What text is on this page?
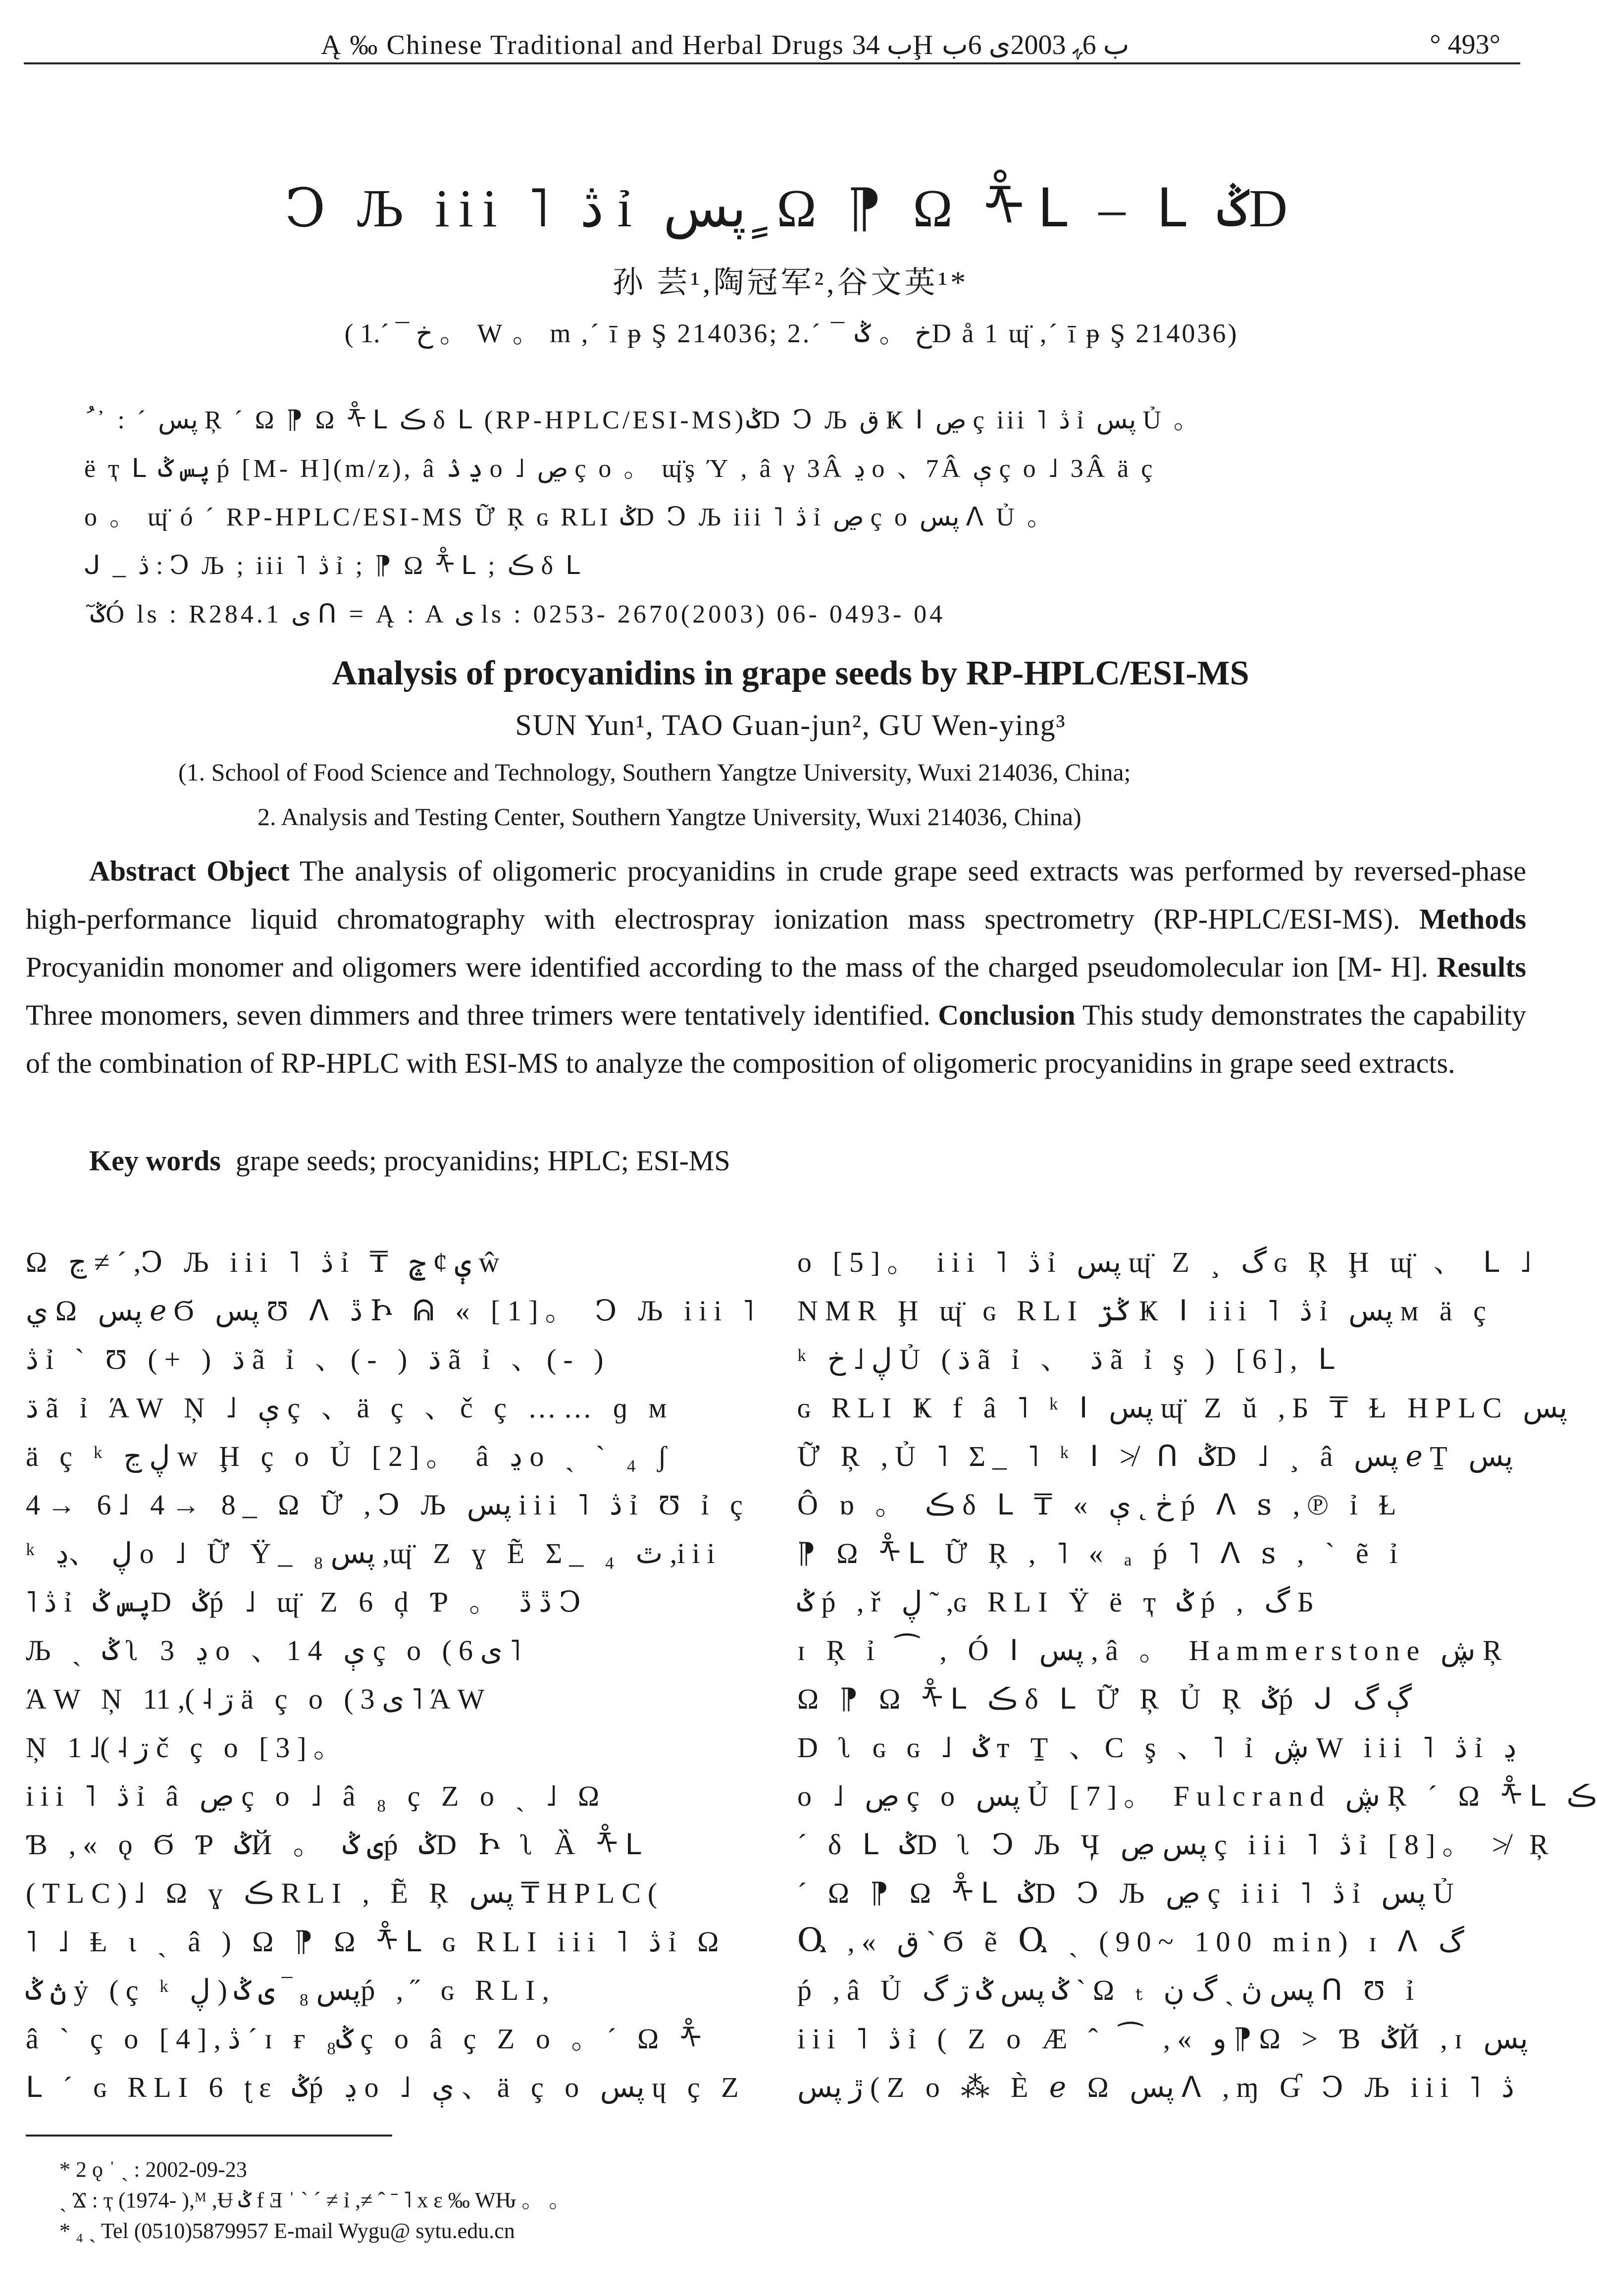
Ą ‰ Chinese Traditional and Herbal Drugs ب 34Ḩ ب 6ﮩ 2003ى 6ﺏ	° 493°
Ↄ Љ iii ˥ ڎ ỉ پس ٍ Ω ⁋ Ω ᢜ ᒪ – ᒪ ݣD
孙 芸¹,陶冠军²,谷文英¹*
( 1.´ ¯ خ 。 W 。 m ,´ ī ᵽ Ş 214036; 2.´ ¯ خ 。 ݣD å 1 ɰ̈ ,´ ī ᵽ Ş 214036)
ُ ᾿ : ˊ پس Ŗ ˊ Ω ⁋ Ω ᢜ ᒪ ڪ δ ᒪ (RP-HPLC/ESI-MS)ݣD Ↄ Љ ق Ҝ ⵏ ڝ ç iii ˥ ڎ ỉ پس Ủ 。
ë ҭ ᒪ پس ݣ ṕ [M- H](m/z), â ڍ ۮ ο ˩ ڝ ç ο 。 ɰ̈ş Ύ , â γ 3Â ڍ ο 、7Â ې ç ο ˩ 3Â ä ç
ο 。 ɰ̈ ó ˊ RP-HPLC/ESI-MS Ữ Ŗ ɢ RLI ݣD Ↄ Љ iii ˥ ڎ ỉ ڝ ç ο پس ᐱ Ủ 。
ᒍ _ ڎ : Ↄ Љ ; iii ˥ ڎ ỉ ; ⁋ Ω ᢜ ᒪ ; ڪ δ ᒪ
ٓ ݣÓ ls : R284.1 ی ᑎ = Ą : A ى ls : 0253- 2670(2003) 06- 0493- 04
Analysis of procyanidins in grape seeds by RP-HPLC/ESI-MS
SUN Yun¹, TAO Guan-jun², GU Wen-ying³
(1. School of Food Science and Technology, Southern Yangtze University, Wuxi 214036, China;
2. Analysis and Testing Center, Southern Yangtze University, Wuxi 214036, China)
Abstract Object The analysis of oligomeric procyanidins in crude grape seed extracts was performed by reversed-phase high-performance liquid chromatography with electrospray ionization mass spectrometry (RP-HPLC/ESI-MS). Methods Procyanidin monomer and oligomers were identified according to the mass of the charged pseudomolecular ion [M- H]. Results Three monomers, seven dimmers and three trimers were tentatively identified. Conclusion This study demonstrates the capability of the combination of RP-HPLC with ESI-MS to analyze the composition of oligomeric procyanidins in grape seed extracts.
Key words grape seeds; procyanidins; HPLC; ESI-MS
Ω ڃ ≠ ´ ,Ↄ Љ iii ˥ ڎ ỉ ₸ ې ¢ ݘ ŵ
ي Ω پس ℯ Ϭ پس Ʊ ᐱ ڐ Ի ᕱ « [1]。 Ↄ Љ iii ˥
ڎ ỉ ˋ Ʊ (+ ) ڌ ã ỉ 、(- ) ڌ ã ỉ 、(- )
ڌ ã ỉ ΆW Ņ ˩ ې ç 、ä ç 、č ç …… ɡ ᴍ
ä ç ᵏ ڸ ڃ w Ḩ ç ο Ủ [2]。 â ڍ ο ˏ ˋ ₄ ʃ
4→ 6˩ 4→ 8_ Ω Ữ ,Ↄ Љ پس iii ˥ ڎ ỉ Ʊ ỉ ç
ᵏ ڸ 、ڍ ο ˩ Ữ Ϋ_ پس ₈ ,ɰ̈ Ζ ɣ Ẽ Σ_ ₄ ٿ ,iii
˥ ڎ ỉ پس ݣD ݣṕ ˩ ɰ̈ Ζ 6 ḑ Ƥ 。 ڐ ڐ Ↄ
Љ ˏ ݣ ʅ 3 ڍ ο 、14 ې ç ο (ی 6 ˥
ΆW Ņ ڗ ˨ ), 11 ä ç ο (ی 3 ˥ ΆW
Ņ ڗ ˨ )˩ 1 č ç ο [3]。
iii ˥ ڎ ỉ â ڝ ç ο ˩ â ₈ ҫ Ζ ο ˏ ˩ Ω
Ɓ ,« ǫ Ϭ Ƥ ݣЙ 。 ی ݣṕ ݣD Ի ʅ Ȁ ᢜ ᒪ
(TLC)˩ Ω ɣ ڪ RLI , Ẽ Ŗ پس ₸ HPLC(
˥ ˩ Ⱡ ι ˏ â ) Ω ⁋ Ω ᢜ ᒪ ɢ RLI iii ˥ ڎ ỉ Ω
ڽ ݣ ẏ (ç ᵏ ڸ )پس ₈ ‾ ی ݣṕ ,˝ ɢ RLI,
â ˋ ç ο [4],ڎ ˊ ɪ ғ ݣ₈ ç ο â ҫ Ζ ο 。´ Ω ᢜ
ᒪ ˊ ɢ RLI 6 ʈɛ ݣṕ ڍ ο ˩ ې 、ä ç ο پس ɥ ҫ Ζ
ο [5]。 iii ˥ ڎ ỉ پس ɰ̈ Ζ ¸ گ ɢ Ŗ Ḩ ɰ̈ 、 ᒪ ˩
NMR Ḩ ɰ̈ ɢ RLI ݣڗ Ҝ ⵏ iii ˥ ڎ ỉ پس ᴍ ä ç
ᵏ ڸ ˩ خ Ủ (ڌ ã ỉ 、 ڌ ã ỉ ş ) [6], ᒪ
ɢ RLI Ҝ f â ˥ ᵏ ⵏ پس ɰ̈ Ζ ŭ ,Б ₸ Ɫ HPLC پس
Ữ Ŗ ,Ủ ˥ Σ_ ˥ ᵏ ⵏ ≯ ᑎ ݣD ˩ ¸ â پس ℯ Ṯ پس
Ô ɒ 。 ڪ δ ᒪ ₸ « ڂ ˛ ې ṕ ᐱ ꜱ ,℗ ỉ Ɫ
⁋ Ω ᢜ ᒪ Ữ Ŗ , ˥ « ₐ ṕ ˥ ᐱ ꜱ , ˋ ẽ ỉ
ݣ ṕ ,ř ڸ ˜ ,ɢ RLI Ϋ ë ҭ ݣ ṕ , گ Б
ɪ Ŗ ỉ ⁀ , Ó ⵏ پس , â 。 Hammerstone ڜ Ŗ
Ω ⁋ Ω ᢜ ᒪ ڪ δ ᒪ Ữ Ŗ Ủ Ŗ ݣṕ ᒍ ڳ گ
D ʅ ɢ ɢ ˩ ݣ ᴛ Ṯ 、C ş 、˥ ỉ ڜ W iii ˥ ڎ ỉ ڍ
ο ˩ ڝ ç ο پس Ủ [7]。 Fulcrand ڜ Ŗ ˊ Ω ᢜ ᒪ ڪ
ˊ δ ᒪ ݣD ʅ Ↄ Љ Ӌ پس ڝ ç iii ˥ ڎ ỉ [8]。 ≯ Ŗ
ˊ Ω ⁋ Ω ᢜ ᒪ ݣD Ↄ Љ ڝ ç iii ˥ ڎ ỉ پس Ủ
Ⴓ ,« ق ˋ Ϭ ẽ Ⴓ ˏ (90~ 100 min) ɪ ᐱ گ
ṕ ,â Ủ ݣ پس ݣ ڗ گ ˋ Ω ₜ پس ڽ ˏ گ ڹ ᑎ Ʊ ỉ
iii ˥ ڎ ỉ ( Ζ ο Æ ˆ ⁀ ,« و ⁋ Ω > Ɓ ݣЙ ,ɪ پس
ڙ پس ( Ζ ο ⁂ È ℯ Ω پس ᐱ ,ɱ Ɠ Ↄ Љ iii ˥ ڎ
* 2 ǫ ˈ ˏ : 2002-09-23
ˏ Ϫ : ҭ (1974- ),ᴹ ,Ʉ ݣ f Ǝ ˈ ˋ ´ ≠ ỉ ,≠ ˆ ˉ ˥ x ɛ ‰ WԊ 。 。
* ₄ ˏ Tel (0510)5879957 E-mail Wygu@ sytu.edu.cn
